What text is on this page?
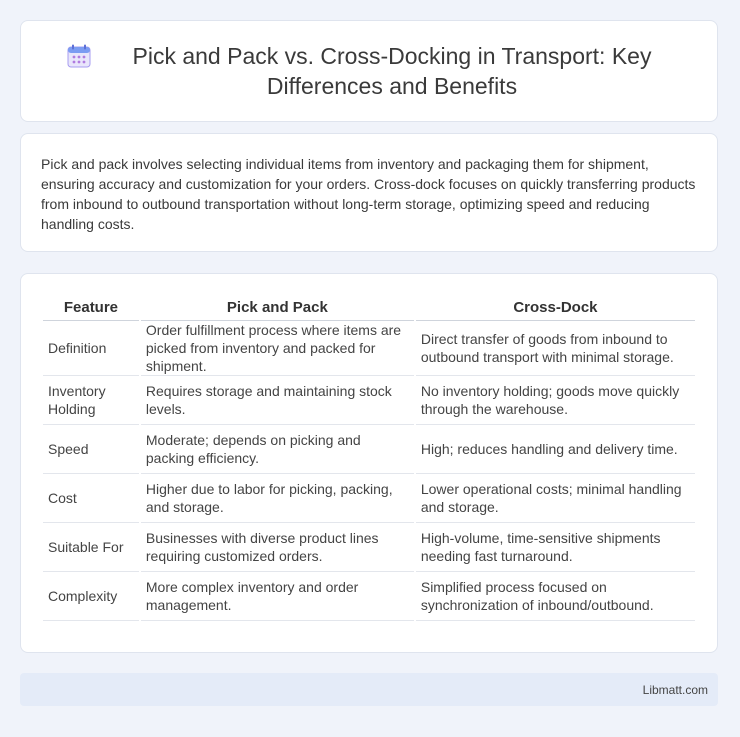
Pick and Pack vs. Cross-Docking in Transport: Key Differences and Benefits

Pick and pack involves selecting individual items from inventory and packaging them for shipment, ensuring accuracy and customization for your orders. Cross-dock focuses on quickly transferring products from inbound to outbound transportation without long-term storage, optimizing speed and reducing handling costs.

Feature	Pick and Pack	Cross-Dock
Definition	Order fulfillment process where items are picked from inventory and packed for shipment.	Direct transfer of goods from inbound to outbound transport with minimal storage.
Inventory Holding	Requires storage and maintaining stock levels.	No inventory holding; goods move quickly through the warehouse.
Speed	Moderate; depends on picking and packing efficiency.	High; reduces handling and delivery time.
Cost	Higher due to labor for picking, packing, and storage.	Lower operational costs; minimal handling and storage.
Suitable For	Businesses with diverse product lines requiring customized orders.	High-volume, time-sensitive shipments needing fast turnaround.
Complexity	More complex inventory and order management.	Simplified process focused on synchronization of inbound/outbound.
Libmatt.com
